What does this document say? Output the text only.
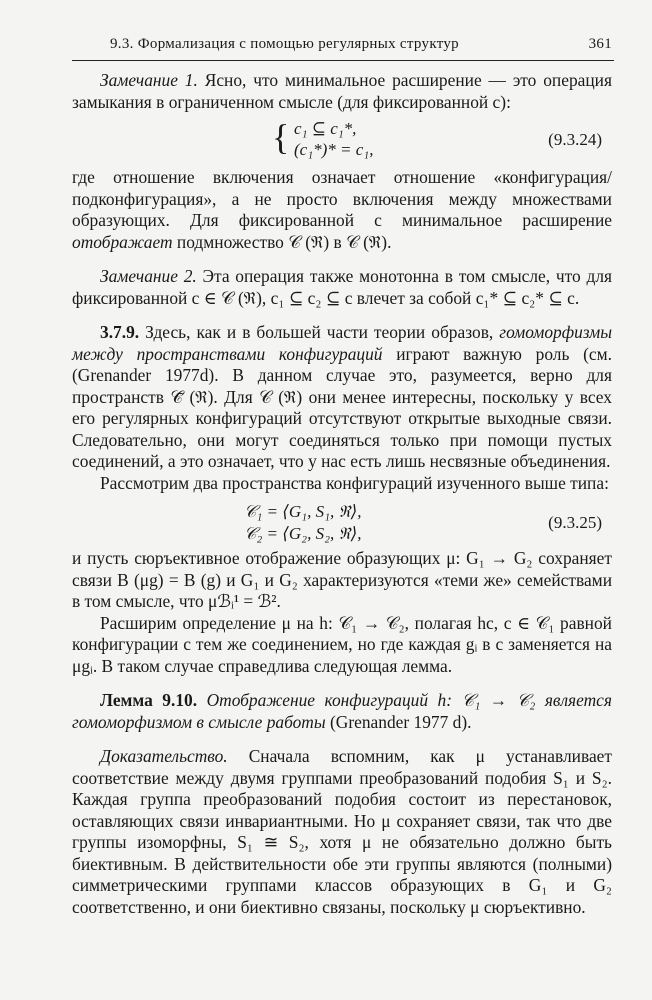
9.3. Формализация с помощью регулярных структур	361

Замечание 1. Ясно, что минимальное расширение — это операция замыкания в ограниченном смысле (для фиксированной c):

{ c₁ ⊆ c₁*,
(c₁*)* = c₁,
(9.3.24)

где отношение включения означает отношение «конфигурация/подконфигурация», а не просто включения между множествами образующих. Для фиксированной c минимальное расширение отображает подмножество 𝒞 (ℜ) в 𝒞 (ℜ).

Замечание 2. Эта операция также монотонна в том смысле, что для фиксированной c ∈ 𝒞 (ℜ), c₁ ⊆ c₂ ⊆ c влечет за собой c₁* ⊆ c₂* ⊆ c.

3.7.9. Здесь, как и в большей части теории образов, гомоморфизмы между пространствами конфигураций играют важную роль (см. (Grenander 1977d). В данном случае это, разумеется, верно для пространств 𝒞̄ (ℜ). Для 𝒞 (ℜ) они менее интересны, поскольку у всех его регулярных конфигураций отсутствуют открытые выходные связи. Следовательно, они могут соединяться только при помощи пустых соединений, а это означает, что у нас есть лишь несвязные объединения.

Рассмотрим два пространства конфигураций изученного выше типа:

𝒞₁ = ⟨G₁, S₁, ℜ⟩,
𝒞₂ = ⟨G₂, S₂, ℜ⟩,
(9.3.25)

и пусть сюръективное отображение образующих μ: G₁ → G₂ сохраняет связи B (μg) = B (g) и G₁ и G₂ характеризуются «теми же» семействами в том смысле, что μℬᵢ¹ = ℬ².

Расширим определение μ на h: 𝒞₁ → 𝒞₂, полагая hc, c ∈ 𝒞₁ равной конфигурации c тем же соединением, но где каждая gᵢ в c заменяется на μgᵢ. В таком случае справедлива следующая лемма.

Лемма 9.10. Отображение конфигураций h: 𝒞₁ → 𝒞₂ является гомоморфизмом в смысле работы (Grenander 1977 d).

Доказательство. Сначала вспомним, как μ устанавливает соответствие между двумя группами преобразований подобия S₁ и S₂. Каждая группа преобразований подобия состоит из перестановок, оставляющих связи инвариантными. Но μ сохраняет связи, так что две группы изоморфны, S₁ ≅ S₂, хотя μ не обязательно должно быть биективным. В действительности обе эти группы являются (полными) симметрическими группами классов образующих в G₁ и G₂ соответственно, и они биективно связаны, поскольку μ сюръективно.
